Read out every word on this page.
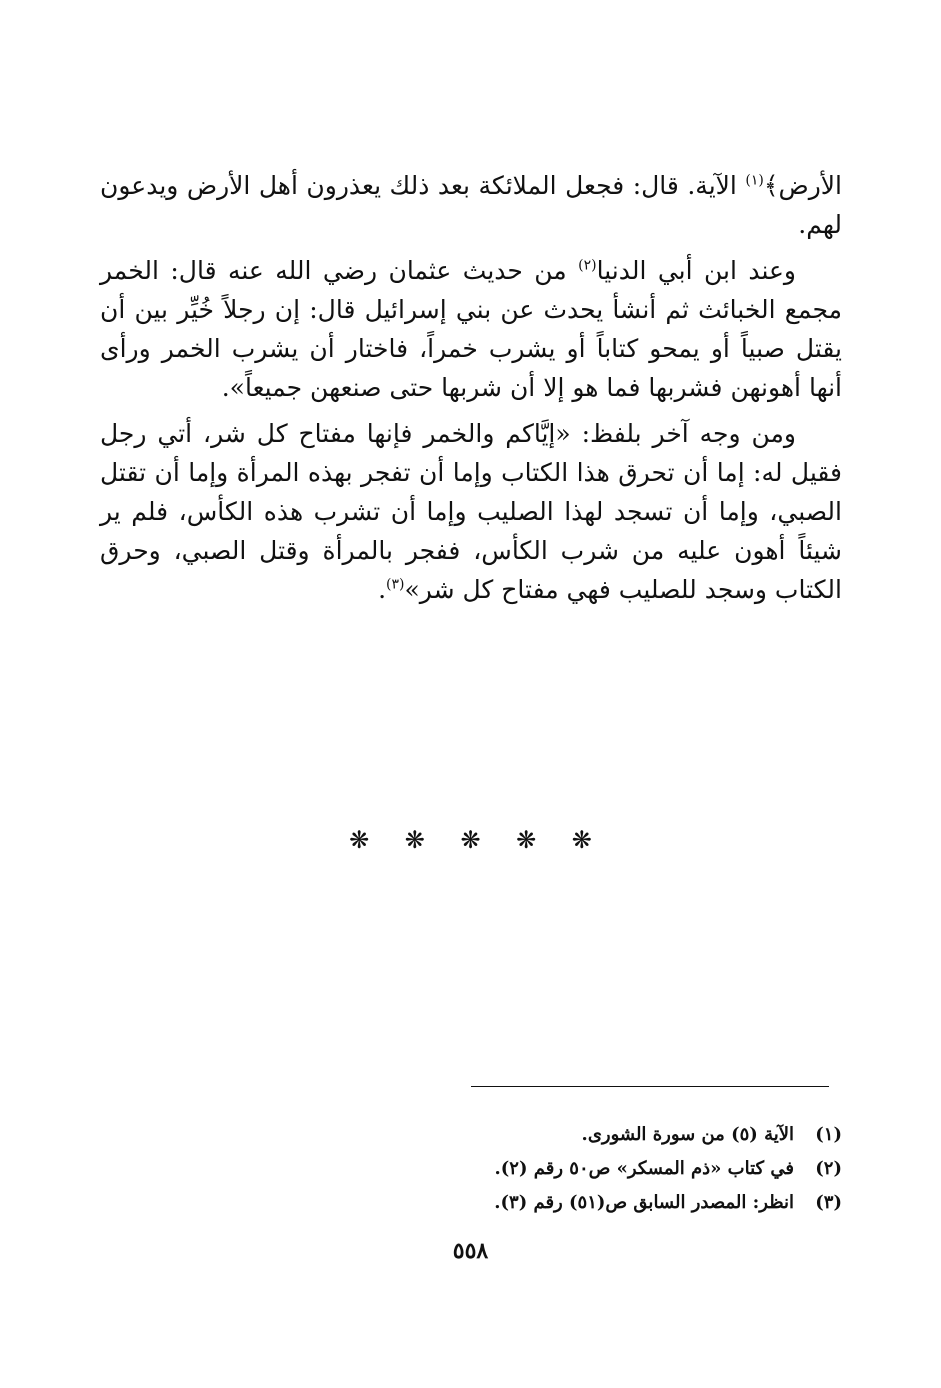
الأرض﴾$^{(١)}$ الآية. قال: فجعل الملائكة بعد ذلك يعذرون أهل الأرض ويدعون لهم.

وعند ابن أبي الدنيا$^{(٢)}$ من حديث عثمان رضي الله عنه قال: الخمر مجمع الخبائث ثم أنشأ يحدث عن بني إسرائيل قال: إن رجلاً خُيِّر بين أن يقتل صبياً أو يمحو كتاباً أو يشرب خمراً، فاختار أن يشرب الخمر ورأى أنها أهونهن فشربها فما هو إلا أن شربها حتى صنعهن جميعاً».

ومن وجه آخر بلفظ: «إيَّاكم والخمر فإنها مفتاح كل شر، أتي رجل فقيل له: إما أن تحرق هذا الكتاب وإما أن تفجر بهذه المرأة وإما أن تقتل الصبي، وإما أن تسجد لهذا الصليب وإما أن تشرب هذه الكأس، فلم ير شيئاً أهون عليه من شرب الكأس، ففجر بالمرأة وقتل الصبي، وحرق الكتاب وسجد للصليب فهي مفتاح كل شر»$^{(٣)}$.

❋ ❋ ❋ ❋ ❋
(١)الآية (٥) من سورة الشورى.
(٢)في كتاب «ذم المسكر» ص٥٠ رقم (٢).
(٣)انظر: المصدر السابق ص(٥١) رقم (٣).
٥٥٨
